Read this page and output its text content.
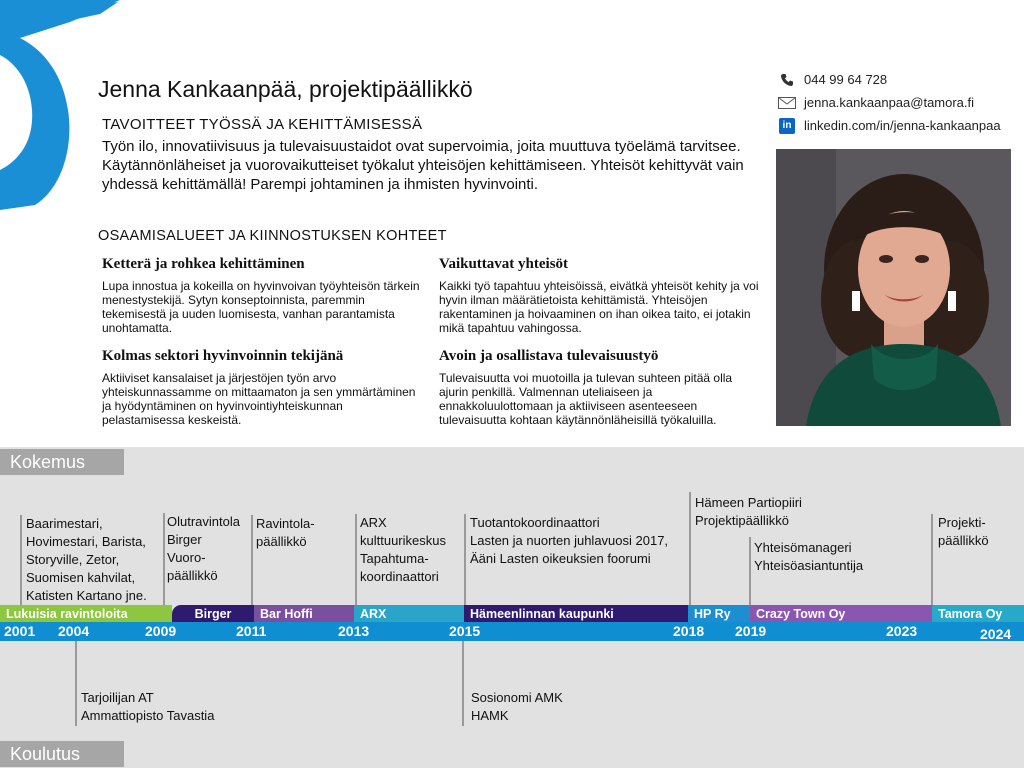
Jenna Kankaanpää, projektipäällikkö
TAVOITTEET TYÖSSÄ JA KEHITTÄMISESSÄ
Työn ilo, innovatiivisuus ja tulevaisuustaidot ovat supervoimia, joita muuttuva työelämä tarvitsee. Käytännönläheiset ja vuorovaikutteiset työkalut yhteisöjen kehittämiseen. Yhteisöt kehittyvät vain yhdessä kehittämällä! Parempi johtaminen ja ihmisten hyvinvointi.
044 99 64 728
jenna.kankaanpaa@tamora.fi
in linkedin.com/in/jenna-kankaanpaa
OSAAMISALUEET JA KIINNOSTUKSEN KOHTEET
Ketterä ja rohkea kehittäminen

Lupa innostua ja kokeilla on hyvinvoivan työyhteisön tärkein menestystekijä. Sytyn konseptoinnista, paremmin tekemisestä ja uuden luomisesta, vanhan parantamista unohtamatta.

Vaikuttavat yhteisöt

Kaikki työ tapahtuu yhteisöissä, eivätkä yhteisöt kehity ja voi hyvin ilman määrätietoista kehittämistä. Yhteisöjen rakentaminen ja hoivaaminen on ihan oikea taito, ei jotakin mikä tapahtuu vahingossa.

Kolmas sektori hyvinvoinnin tekijänä

Aktiiviset kansalaiset ja järjestöjen työn arvo yhteiskunnassamme on mittaamaton ja sen ymmärtäminen ja hyödyntäminen on hyvinvointiyhteiskunnan pelastamisessa keskeistä.

Avoin ja osallistava tulevaisuustyö

Tulevaisuutta voi muotoilla ja tulevan suhteen pitää olla ajurin penkillä. Valmennan uteliaiseen ja ennakkoluulottomaan ja aktiiviseen asenteeseen tulevaisuutta kohtaan käytännönläheisillä työkaluilla.

Kokemus
Koulutus
Baarimestari,
Hovimestari, Barista,
Storyville, Zetor,
Suomisen kahvilat,
Katisten Kartano jne.
Olutravintola
Birger
Vuoro-
päällikkö
Ravintola-
päällikkö
ARX
kulttuurikeskus
Tapahtuma-
koordinaattori
Tuotantokoordinaattori
Lasten ja nuorten juhlavuosi 2017,
Ääni Lasten oikeuksien foorumi
Hämeen Partiopiiri
Projektipäällikkö
Yhteisömanageri
Yhteisöasiantuntija
Projekti-
päällikkö
Lukuisia ravintoloita	Birger	Bar Hoffi	ARX	Hämeenlinnan kaupunki	HP Ry	Crazy Town Oy	Tamora Oy
2001 2004	2009	2011	2013	2015	2018 2019	2023	2024
Tarjoilijan AT
Ammattiopisto Tavastia
Sosionomi AMK
HAMK
